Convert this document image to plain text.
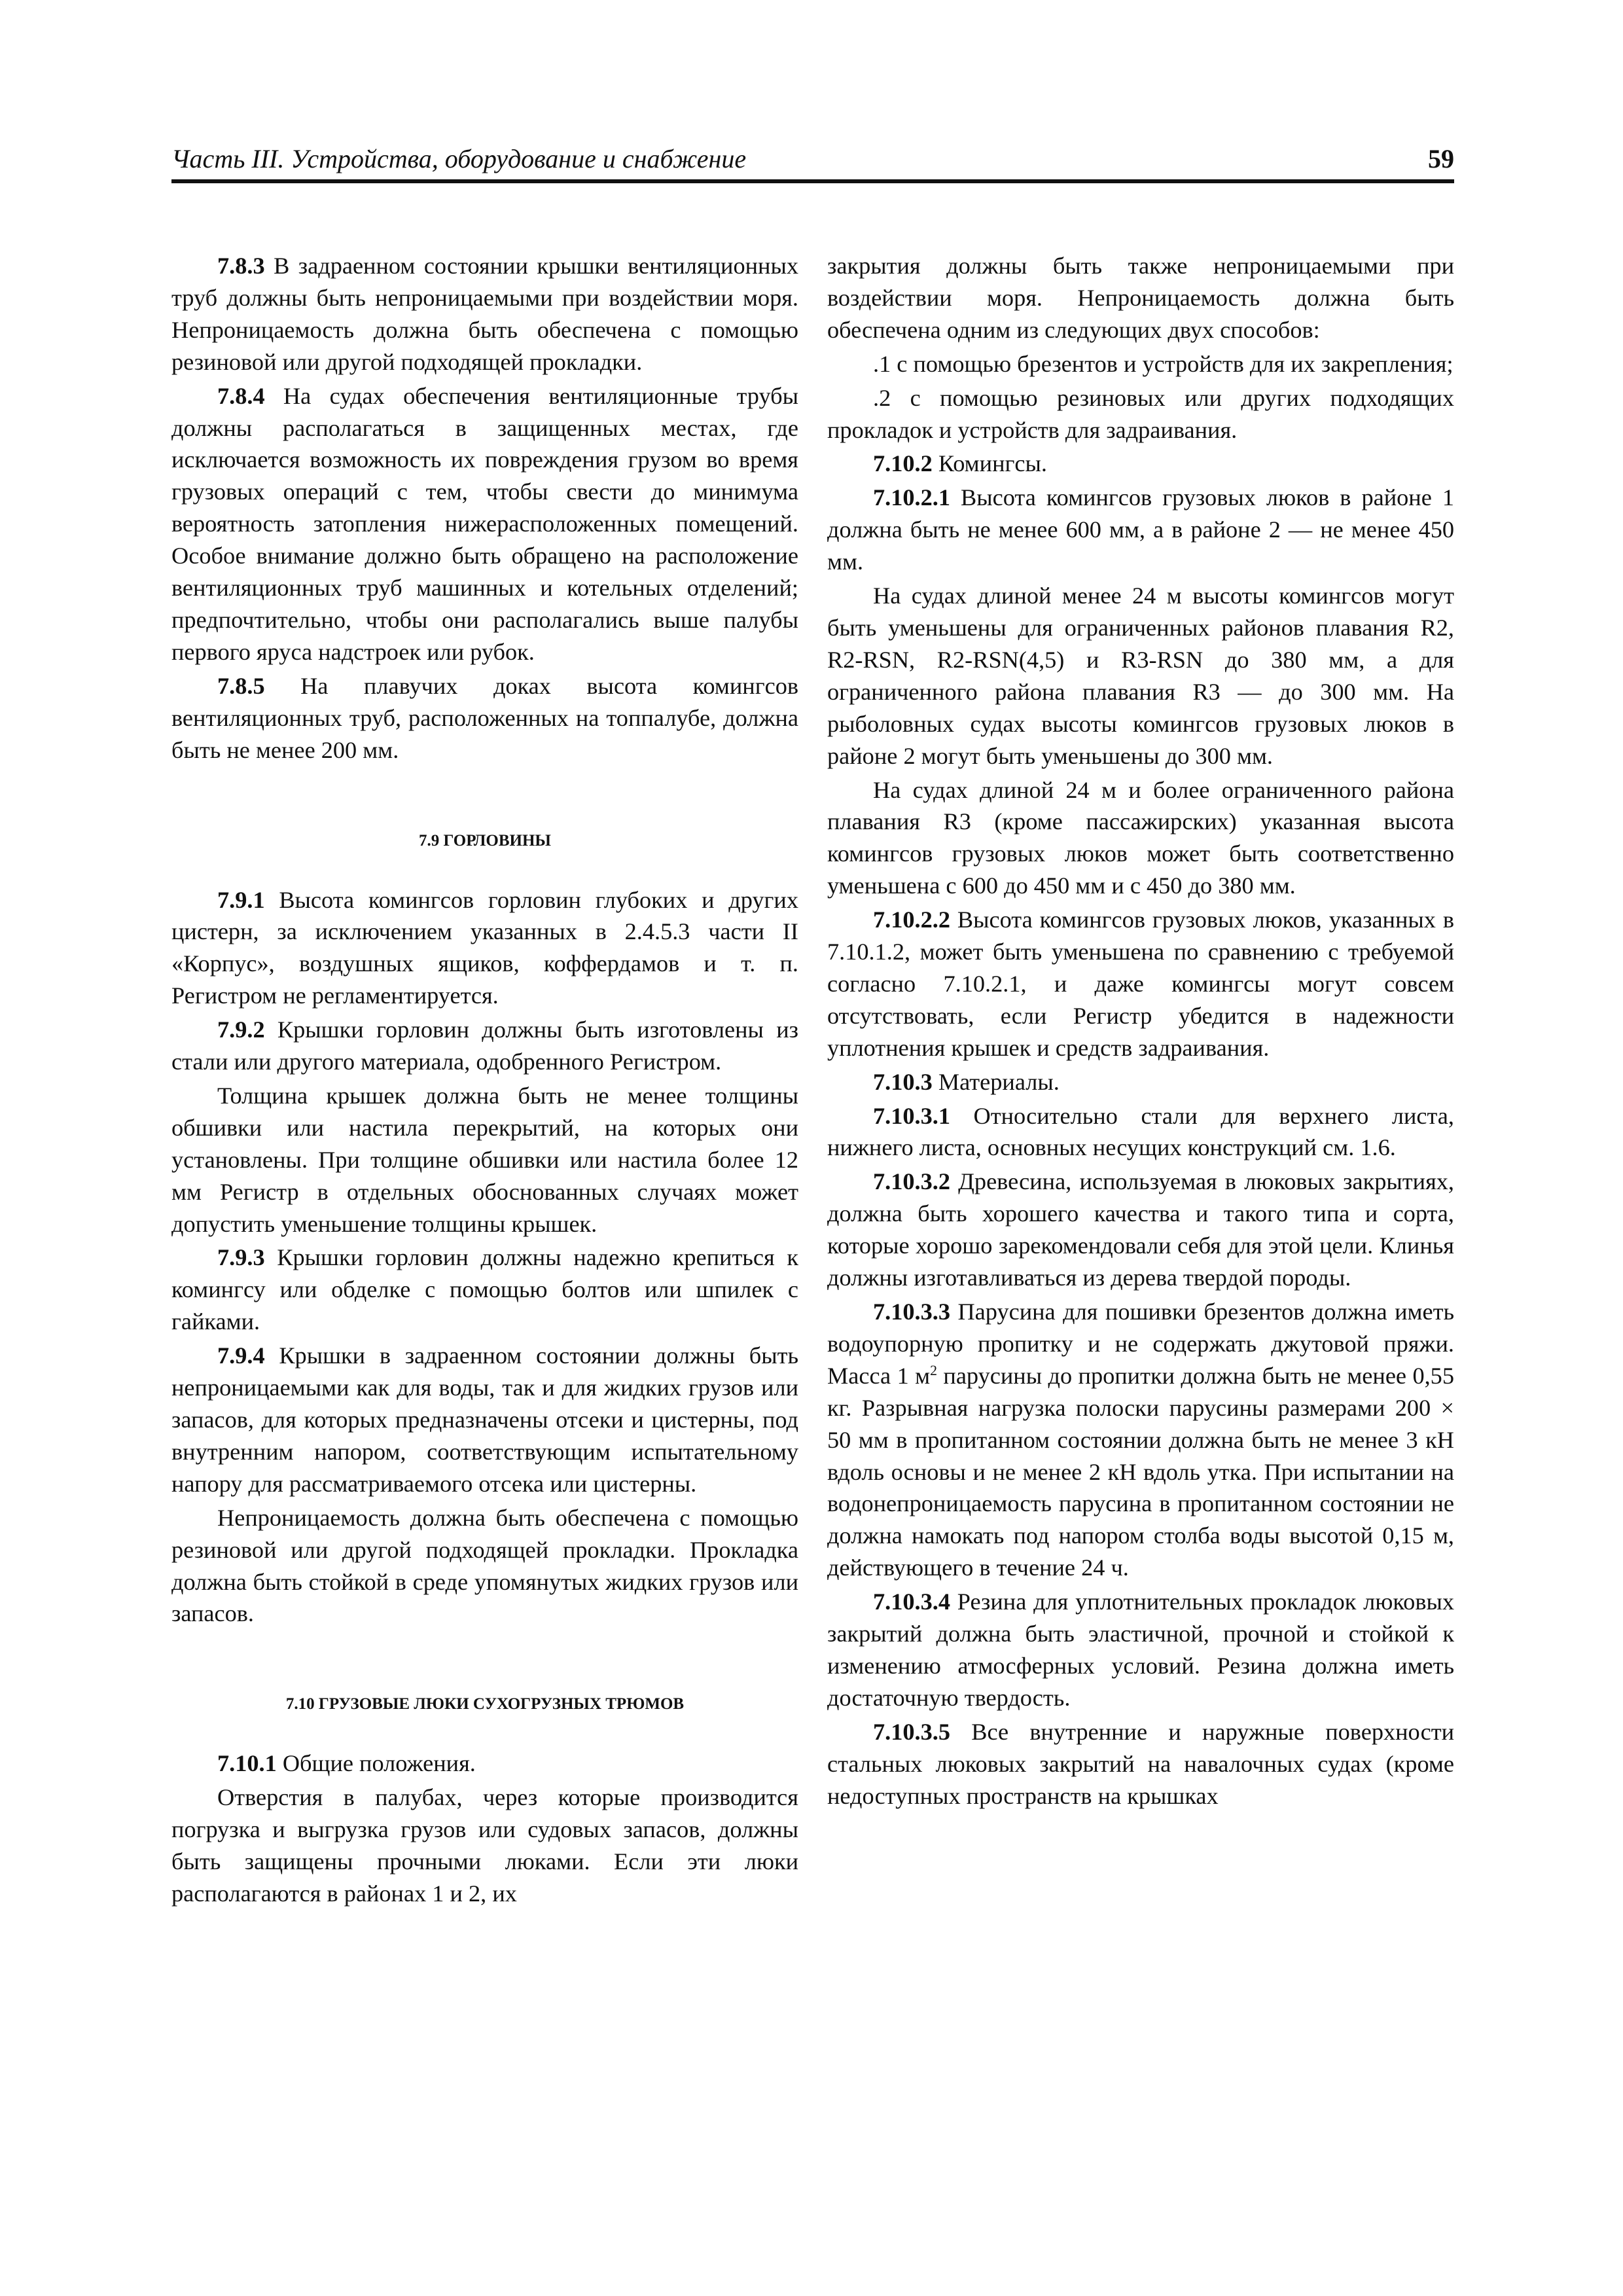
Часть III. Устройства, оборудование и снабжение	59

7.8.3 В задраенном состоянии крышки вентиляционных труб должны быть непроницаемыми при воздействии моря. Непроницаемость должна быть обеспечена с помощью резиновой или другой подходящей прокладки.

7.8.4 На судах обеспечения вентиляционные трубы должны располагаться в защищенных местах, где исключается возможность их повреждения грузом во время грузовых операций с тем, чтобы свести до минимума вероятность затопления нижерасположенных помещений. Особое внимание должно быть обращено на расположение вентиляционных труб машинных и котельных отделений; предпочтительно, чтобы они располагались выше палубы первого яруса надстроек или рубок.

7.8.5 На плавучих доках высота комингсов вентиляционных труб, расположенных на топпалубе, должна быть не менее 200 мм.

7.9 ГОРЛОВИНЫ

7.9.1 Высота комингсов горловин глубоких и других цистерн, за исключением указанных в 2.4.5.3 части II «Корпус», воздушных ящиков, коффердамов и т. п. Регистром не регламентируется.

7.9.2 Крышки горловин должны быть изготовлены из стали или другого материала, одобренного Регистром.

Толщина крышек должна быть не менее толщины обшивки или настила перекрытий, на которых они установлены. При толщине обшивки или настила более 12 мм Регистр в отдельных обоснованных случаях может допустить уменьшение толщины крышек.

7.9.3 Крышки горловин должны надежно крепиться к комингсу или обделке с помощью болтов или шпилек с гайками.

7.9.4 Крышки в задраенном состоянии должны быть непроницаемыми как для воды, так и для жидких грузов или запасов, для которых предназначены отсеки и цистерны, под внутренним напором, соответствующим испытательному напору для рассматриваемого отсека или цистерны.

Непроницаемость должна быть обеспечена с помощью резиновой или другой подходящей прокладки. Прокладка должна быть стойкой в среде упомянутых жидких грузов или запасов.

7.10 ГРУЗОВЫЕ ЛЮКИ СУХОГРУЗНЫХ ТРЮМОВ

7.10.1 Общие положения.

Отверстия в палубах, через которые производится погрузка и выгрузка грузов или судовых запасов, должны быть защищены прочными люками. Если эти люки располагаются в районах 1 и 2, их

закрытия должны быть также непроницаемыми при воздействии моря. Непроницаемость должна быть обеспечена одним из следующих двух способов:

.1 с помощью брезентов и устройств для их закрепления;

.2 с помощью резиновых или других подходящих прокладок и устройств для задраивания.

7.10.2 Комингсы.

7.10.2.1 Высота комингсов грузовых люков в районе 1 должна быть не менее 600 мм, а в районе 2 — не менее 450 мм.

На судах длиной менее 24 м высоты комингсов могут быть уменьшены для ограниченных районов плавания R2, R2-RSN, R2-RSN(4,5) и R3-RSN до 380 мм, а для ограниченного района плавания R3 — до 300 мм. На рыболовных судах высоты комингсов грузовых люков в районе 2 могут быть уменьшены до 300 мм.

На судах длиной 24 м и более ограниченного района плавания R3 (кроме пассажирских) указанная высота комингсов грузовых люков может быть соответственно уменьшена с 600 до 450 мм и с 450 до 380 мм.

7.10.2.2 Высота комингсов грузовых люков, указанных в 7.10.1.2, может быть уменьшена по сравнению с требуемой согласно 7.10.2.1, и даже комингсы могут совсем отсутствовать, если Регистр убедится в надежности уплотнения крышек и средств задраивания.

7.10.3 Материалы.

7.10.3.1 Относительно стали для верхнего листа, нижнего листа, основных несущих конструкций см. 1.6.

7.10.3.2 Древесина, используемая в люковых закрытиях, должна быть хорошего качества и такого типа и сорта, которые хорошо зарекомендовали себя для этой цели. Клинья должны изготавливаться из дерева твердой породы.

7.10.3.3 Парусина для пошивки брезентов должна иметь водоупорную пропитку и не содержать джутовой пряжи. Масса 1 $м^2$ парусины до пропитки должна быть не менее 0,55 кг. Разрывная нагрузка полоски парусины размерами 200 × 50 мм в пропитанном состоянии должна быть не менее 3 кН вдоль основы и не менее 2 кН вдоль утка. При испытании на водонепроницаемость парусина в пропитанном состоянии не должна намокать под напором столба воды высотой 0,15 м, действующего в течение 24 ч.

7.10.3.4 Резина для уплотнительных прокладок люковых закрытий должна быть эластичной, прочной и стойкой к изменению атмосферных условий. Резина должна иметь достаточную твердость.

7.10.3.5 Все внутренние и наружные поверхности стальных люковых закрытий на навалочных судах (кроме недоступных пространств на крышках
